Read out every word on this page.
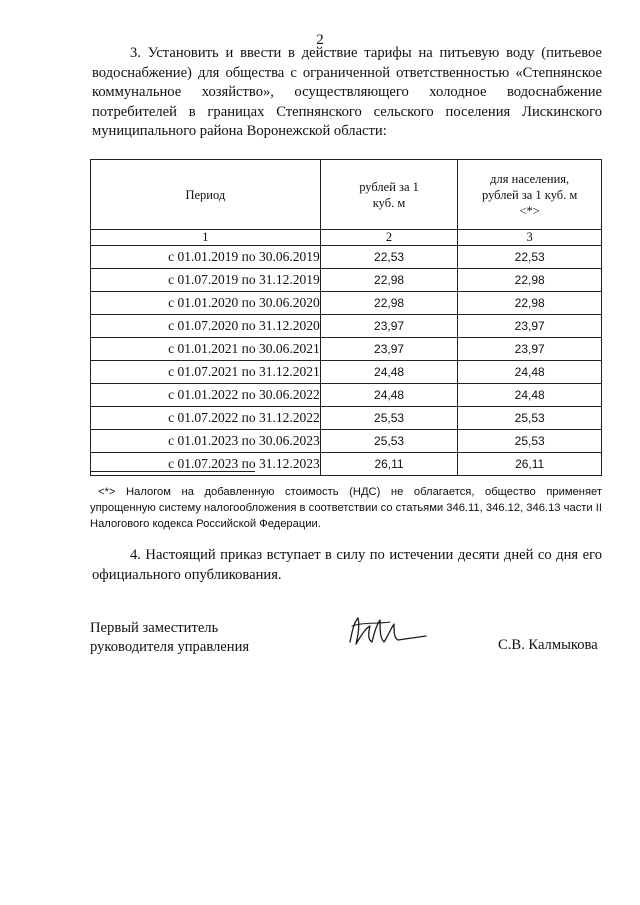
2
3. Установить и ввести в действие тарифы на питьевую воду (питьевое водоснабжение) для общества с ограниченной ответственностью «Степнянское коммунальное хозяйство», осуществляющего холодное водоснабжение потребителей в границах Степнянского сельского поселения Лискинского муниципального района Воронежской области:
Период	рублей за 1 куб. м	для населения, рублей за 1 куб. м <*>

1	2	3
с 01.01.2019 по 30.06.2019	22,53	22,53
с 01.07.2019 по 31.12.2019	22,98	22,98
с 01.01.2020 по 30.06.2020	22,98	22,98
с 01.07.2020 по 31.12.2020	23,97	23,97
с 01.01.2021 по 30.06.2021	23,97	23,97
с 01.07.2021 по 31.12.2021	24,48	24,48
с 01.01.2022 по 30.06.2022	24,48	24,48
с 01.07.2022 по 31.12.2022	25,53	25,53
с 01.01.2023 по 30.06.2023	25,53	25,53
с 01.07.2023 по 31.12.2023	26,11	26,11
<*> Налогом на добавленную стоимость (НДС) не облагается, общество применяет упрощенную систему налогообложения в соответствии со статьями 346.11, 346.12, 346.13 части II Налогового кодекса Российской Федерации.
4. Настоящий приказ вступает в силу по истечении десяти дней со дня его официального опубликования.
Первый заместитель
руководителя управления	С.В. Калмыкова
